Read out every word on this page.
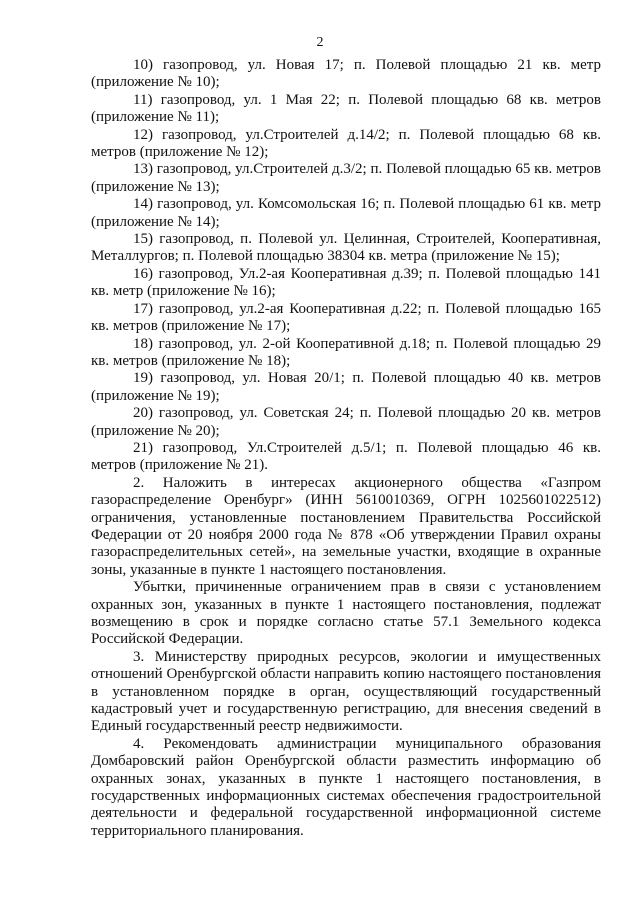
2

10) газопровод, ул. Новая 17; п. Полевой площадью 21 кв. метр (приложение № 10);

11) газопровод, ул. 1 Мая 22; п. Полевой площадью 68 кв. метров (приложение № 11);

12) газопровод, ул.Строителей д.14/2; п. Полевой площадью 68 кв. метров (приложение № 12);

13) газопровод, ул.Строителей д.3/2; п. Полевой площадью 65 кв. метров (приложение № 13);

14) газопровод, ул. Комсомольская 16; п. Полевой площадью 61 кв. метр (приложение № 14);

15) газопровод, п. Полевой ул. Целинная, Строителей, Кооперативная, Металлургов; п. Полевой площадью 38304 кв. метра (приложение № 15);

16) газопровод, Ул.2-ая Кооперативная д.39; п. Полевой площадью 141 кв. метр (приложение № 16);

17) газопровод, ул.2-ая Кооперативная д.22; п. Полевой площадью 165 кв. метров (приложение № 17);

18) газопровод, ул. 2-ой Кооперативной д.18; п. Полевой площадью 29 кв. метров (приложение № 18);

19) газопровод, ул. Новая 20/1; п. Полевой площадью 40 кв. метров (приложение № 19);

20) газопровод, ул. Советская 24; п. Полевой площадью 20 кв. метров (приложение № 20);

21) газопровод, Ул.Строителей д.5/1; п. Полевой площадью 46 кв. метров (приложение № 21).

2. Наложить в интересах акционерного общества «Газпром газораспределение Оренбург» (ИНН 5610010369, ОГРН 1025601022512) ограничения, установленные постановлением Правительства Российской Федерации от 20 ноября 2000 года № 878 «Об утверждении Правил охраны газораспределительных сетей», на земельные участки, входящие в охранные зоны, указанные в пункте 1 настоящего постановления.

Убытки, причиненные ограничением прав в связи с установлением охранных зон, указанных в пункте 1 настоящего постановления, подлежат возмещению в срок и порядке согласно статье 57.1 Земельного кодекса Российской Федерации.

3. Министерству природных ресурсов, экологии и имущественных отношений Оренбургской области направить копию настоящего постановления в установленном порядке в орган, осуществляющий государственный кадастровый учет и государственную регистрацию, для внесения сведений в Единый государственный реестр недвижимости.

4. Рекомендовать администрации муниципального образования Домбаровский район Оренбургской области разместить информацию об охранных зонах, указанных в пункте 1 настоящего постановления, в государственных информационных системах обеспечения градостроительной деятельности и федеральной государственной информационной системе территориального планирования.
